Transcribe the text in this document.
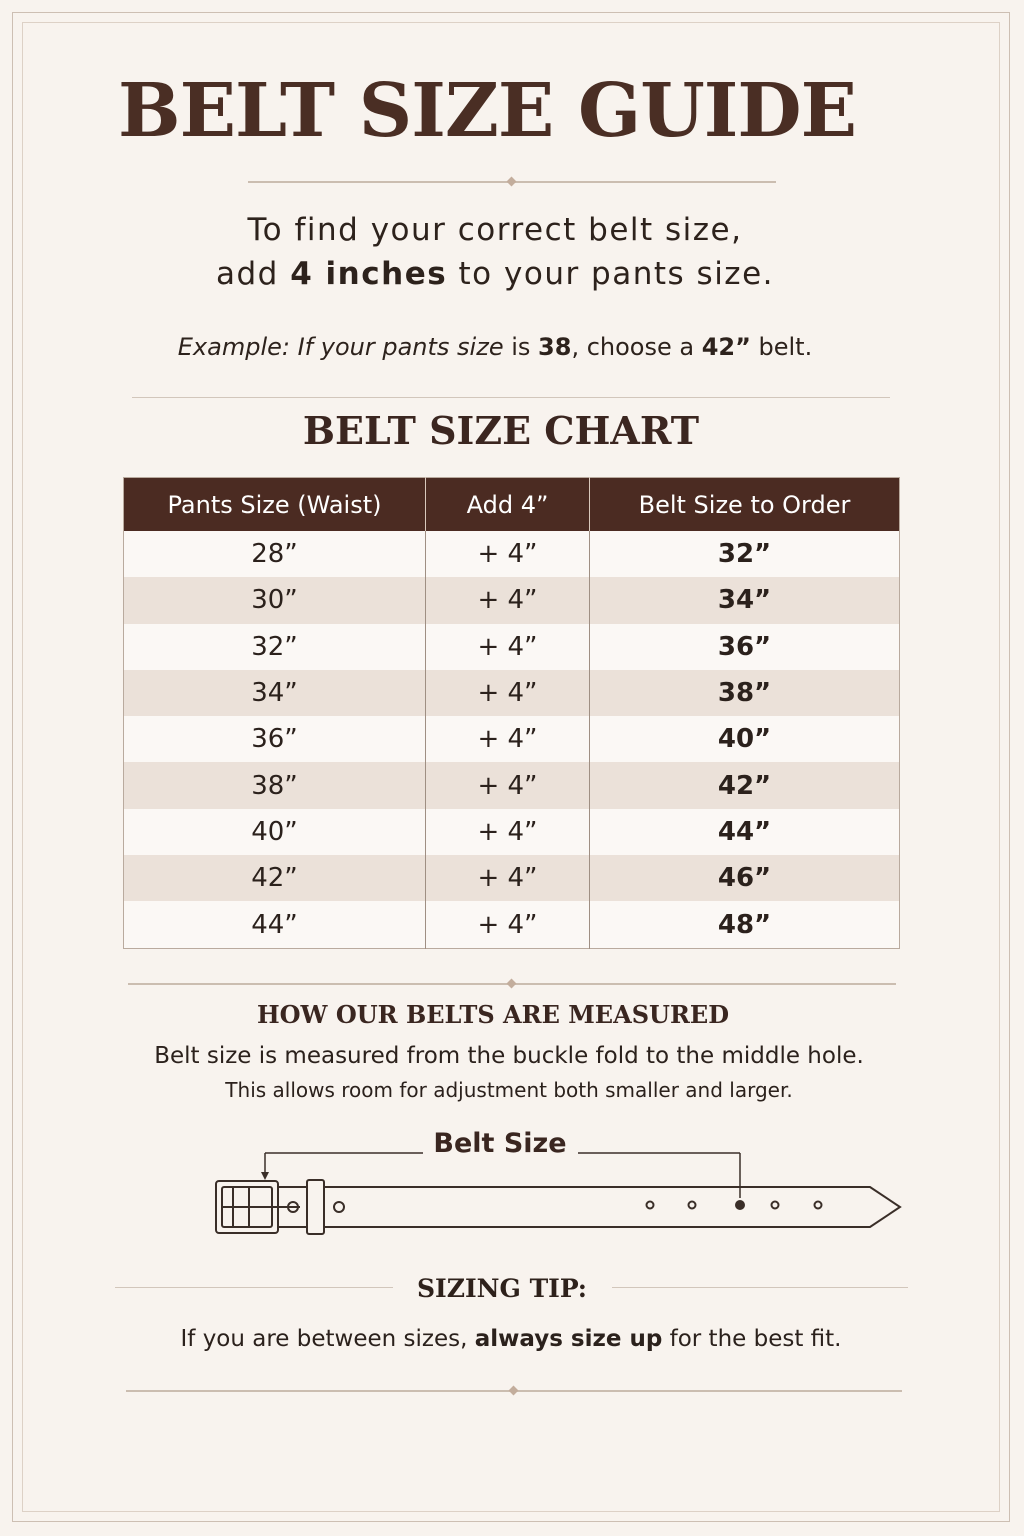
BELT SIZE GUIDE
To find your correct belt size,
add 4 inches to your pants size.
Example: If your pants size is 38, choose a 42” belt.
BELT SIZE CHART
Pants Size (Waist)	Add 4”	Belt Size to Order
28”	+ 4”	32”
30”	+ 4”	34”
32”	+ 4”	36”
34”	+ 4”	38”
36”	+ 4”	40”
38”	+ 4”	42”
40”	+ 4”	44”
42”	+ 4”	46”
44”	+ 4”	48”
HOW OUR BELTS ARE MEASURED
Belt size is measured from the buckle fold to the middle hole.
This allows room for adjustment both smaller and larger.
Belt Size
SIZING TIP:
If you are between sizes, always size up for the best fit.
